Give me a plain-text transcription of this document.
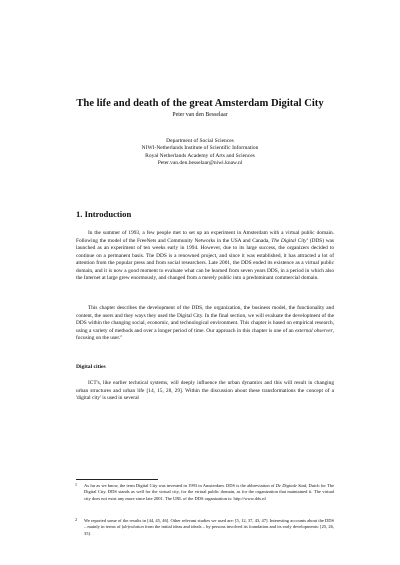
The life and death of the great Amsterdam Digital City
Peter van den Besselaar
Department of Social Sciences
NIWI-Netherlands Institute of Scientific Information
Royal Netherlands Academy of Arts and Sciences
Peter.van.den.besselaar@niwi.knaw.nl
1. Introduction
In the summer of 1993, a few people met to set up an experiment in Amsterdam with a virtual public domain. Following the model of the FreeNets and Community Networks in the USA and Canada, The Digital City$^1$ (DDS) was launched as an experiment of ten weeks early in 1994. However, due to its large success, the organizers decided to continue on a permanent basis. The DDS is a renowned project, and since it was established, it has attracted a lot of attention from the popular press and from social researchers. Late 2001, the DDS ended its existence as a virtual public domain, and it is now a good moment to evaluate what can be learned from seven years DDS, in a period in which also the Internet at large grew enormously, and changed from a merely public into a predominant commercial domain.
This chapter describes the development of the DDS, the organization, the business model, the functionality and content, the users and they ways they used the Digital City. In the final section, we will evaluate the development of the DDS within the changing social, economic, and technological environment. This chapter is based on empirical research, using a variety of methods and over a longer period of time. Our approach in this chapter is one of an external observer, focusing on the user.$^2$
Digital cities
ICT's, like earlier technical systems, will deeply influence the urban dynamics and this will result in changing urban structures and urban life [14, 15, 28, 29]. Within the discussion about these transformations the concept of a 'digital city' is used in several
1	As far as we know, the term Digital City was invented in 1993 in Amsterdam. DDS is the abbreviation of De Digitale Stad, Dutch for The Digital City. DDS stands as well for the virtual city, for the virtual public domain, as for the organization that maintained it. The virtual city does not exist any more since late 2001. The URL of the DDS organization is: http://www.dds.nl
2	We reported some of the results in [44, 45, 46]. Other relevant studies we used are: [5, 12, 37, 43, 47]. Interesting accounts about the DDS – mainly in terms of (de)volution from the initial ideas and ideals – by persons involved its foundation and its early developments: [25, 26, 35].
